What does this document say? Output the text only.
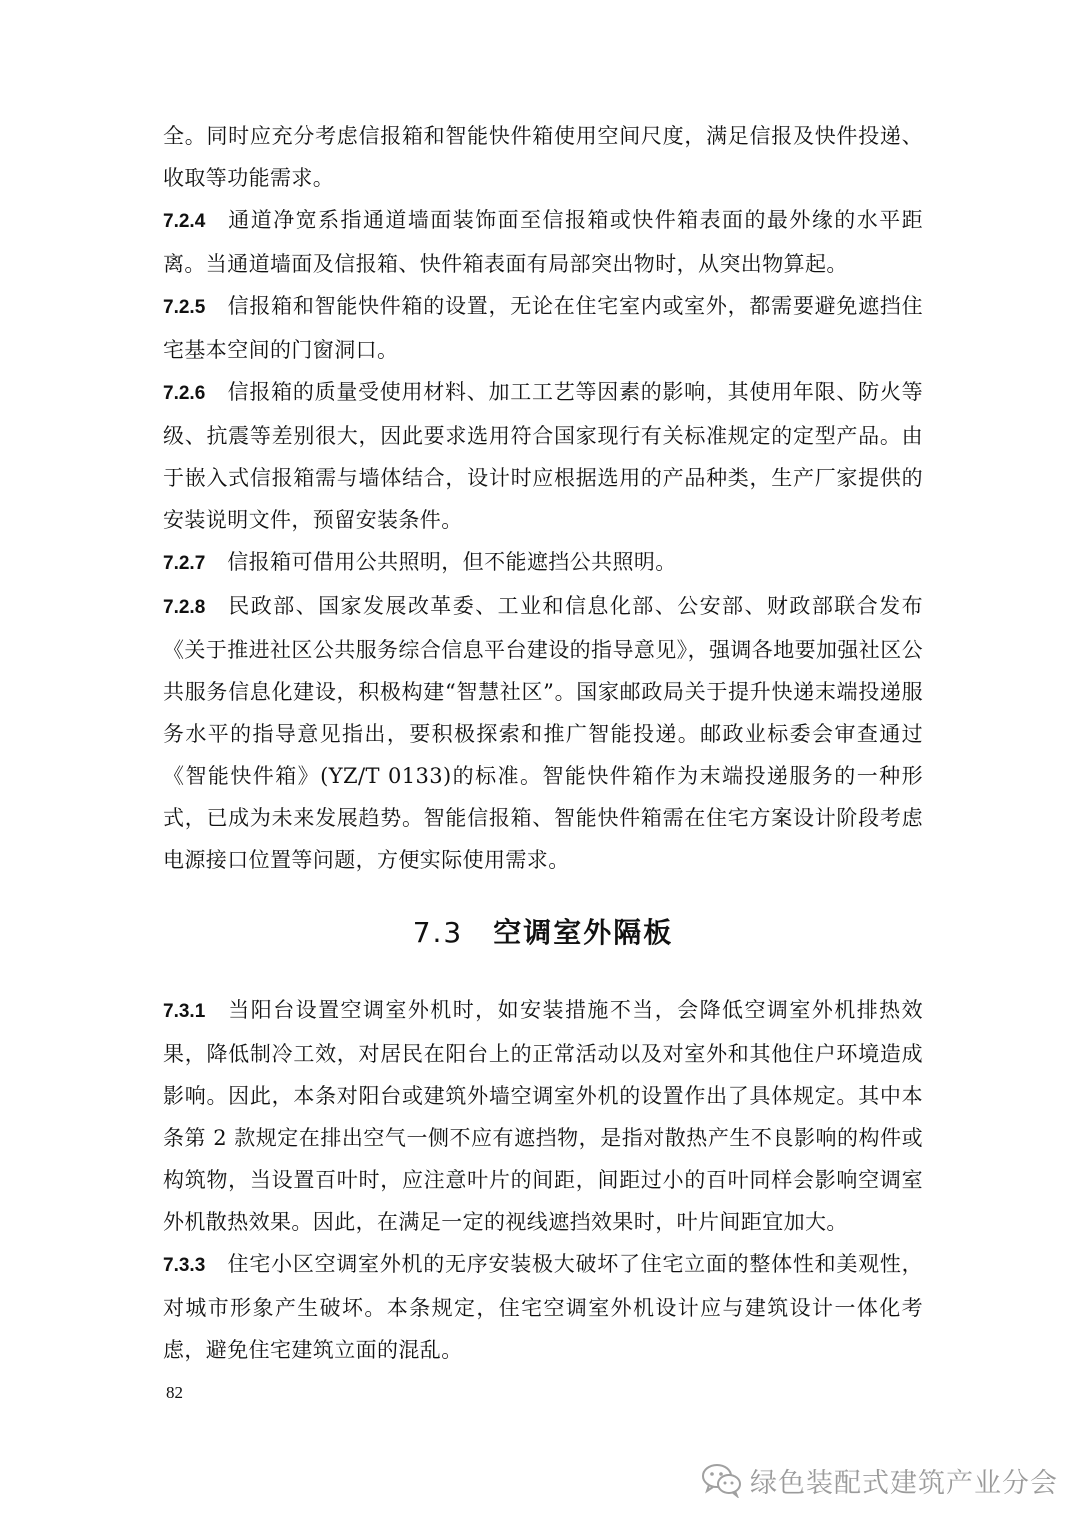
全。同时应充分考虑信报箱和智能快件箱使用空间尺度，满足信报及快件投递、收取等功能需求。

7.2.4 通道净宽系指通道墙面装饰面至信报箱或快件箱表面的最外缘的水平距离。当通道墙面及信报箱、快件箱表面有局部突出物时，从突出物算起。

7.2.5 信报箱和智能快件箱的设置，无论在住宅室内或室外，都需要避免遮挡住宅基本空间的门窗洞口。

7.2.6 信报箱的质量受使用材料、加工工艺等因素的影响，其使用年限、防火等级、抗震等差别很大，因此要求选用符合国家现行有关标准规定的定型产品。由于嵌入式信报箱需与墙体结合，设计时应根据选用的产品种类，生产厂家提供的安装说明文件，预留安装条件。

7.2.7 信报箱可借用公共照明，但不能遮挡公共照明。

7.2.8 民政部、国家发展改革委、工业和信息化部、公安部、财政部联合发布《关于推进社区公共服务综合信息平台建设的指导意见》，强调各地要加强社区公共服务信息化建设，积极构建“智慧社区”。国家邮政局关于提升快递末端投递服务水平的指导意见指出，要积极探索和推广智能投递。邮政业标委会审查通过《智能快件箱》(YZ/T 0133)的标准。智能快件箱作为末端投递服务的一种形式，已成为未来发展趋势。智能信报箱、智能快件箱需在住宅方案设计阶段考虑电源接口位置等问题，方便实际使用需求。

7.3 空调室外隔板

7.3.1 当阳台设置空调室外机时，如安装措施不当，会降低空调室外机排热效果，降低制冷工效，对居民在阳台上的正常活动以及对室外和其他住户环境造成影响。因此，本条对阳台或建筑外墙空调室外机的设置作出了具体规定。其中本条第 2 款规定在排出空气一侧不应有遮挡物，是指对散热产生不良影响的构件或构筑物，当设置百叶时，应注意叶片的间距，间距过小的百叶同样会影响空调室外机散热效果。因此，在满足一定的视线遮挡效果时，叶片间距宜加大。

7.3.3 住宅小区空调室外机的无序安装极大破坏了住宅立面的整体性和美观性，对城市形象产生破坏。本条规定，住宅空调室外机设计应与建筑设计一体化考虑，避免住宅建筑立面的混乱。

82
绿色装配式建筑产业分会
